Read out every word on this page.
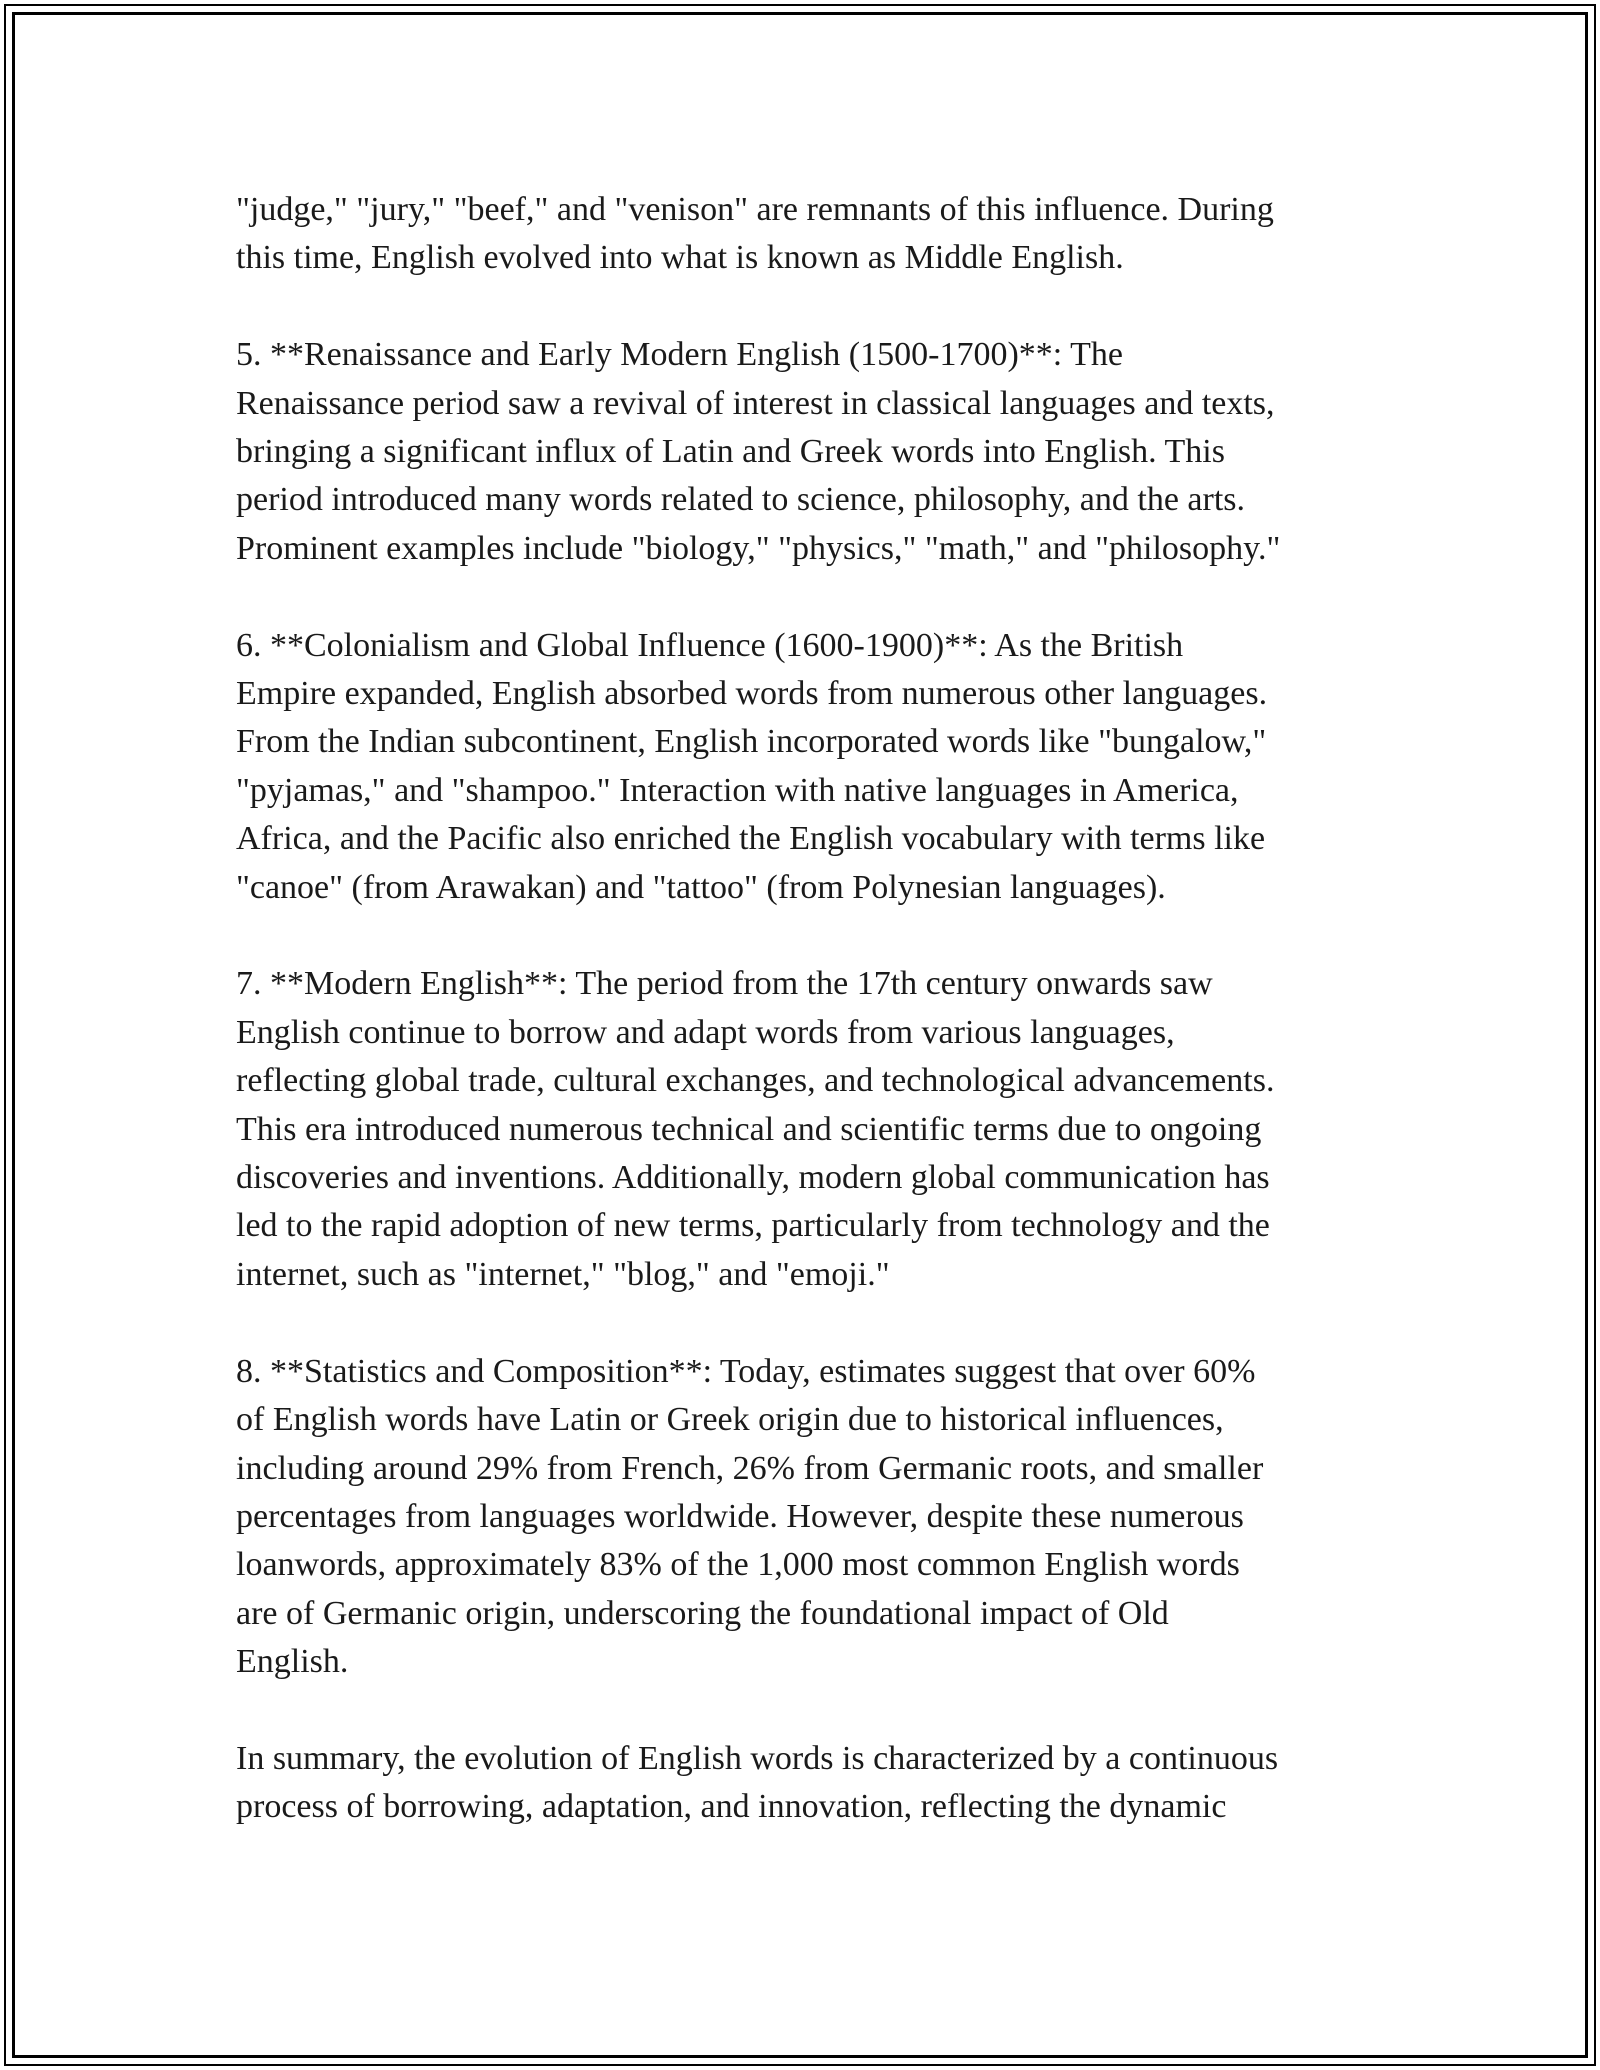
"judge," "jury," "beef," and "venison" are remnants of this influence. During
this time, English evolved into what is known as Middle English.

5. **Renaissance and Early Modern English (1500-1700)**: The
Renaissance period saw a revival of interest in classical languages and texts,
bringing a significant influx of Latin and Greek words into English. This
period introduced many words related to science, philosophy, and the arts.
Prominent examples include "biology," "physics," "math," and "philosophy."

6. **Colonialism and Global Influence (1600-1900)**: As the British
Empire expanded, English absorbed words from numerous other languages.
From the Indian subcontinent, English incorporated words like "bungalow,"
"pyjamas," and "shampoo." Interaction with native languages in America,
Africa, and the Pacific also enriched the English vocabulary with terms like
"canoe" (from Arawakan) and "tattoo" (from Polynesian languages).

7. **Modern English**: The period from the 17th century onwards saw
English continue to borrow and adapt words from various languages,
reflecting global trade, cultural exchanges, and technological advancements.
This era introduced numerous technical and scientific terms due to ongoing
discoveries and inventions. Additionally, modern global communication has
led to the rapid adoption of new terms, particularly from technology and the
internet, such as "internet," "blog," and "emoji."

8. **Statistics and Composition**: Today, estimates suggest that over 60%
of English words have Latin or Greek origin due to historical influences,
including around 29% from French, 26% from Germanic roots, and smaller
percentages from languages worldwide. However, despite these numerous
loanwords, approximately 83% of the 1,000 most common English words
are of Germanic origin, underscoring the foundational impact of Old
English.

In summary, the evolution of English words is characterized by a continuous
process of borrowing, adaptation, and innovation, reflecting the dynamic
